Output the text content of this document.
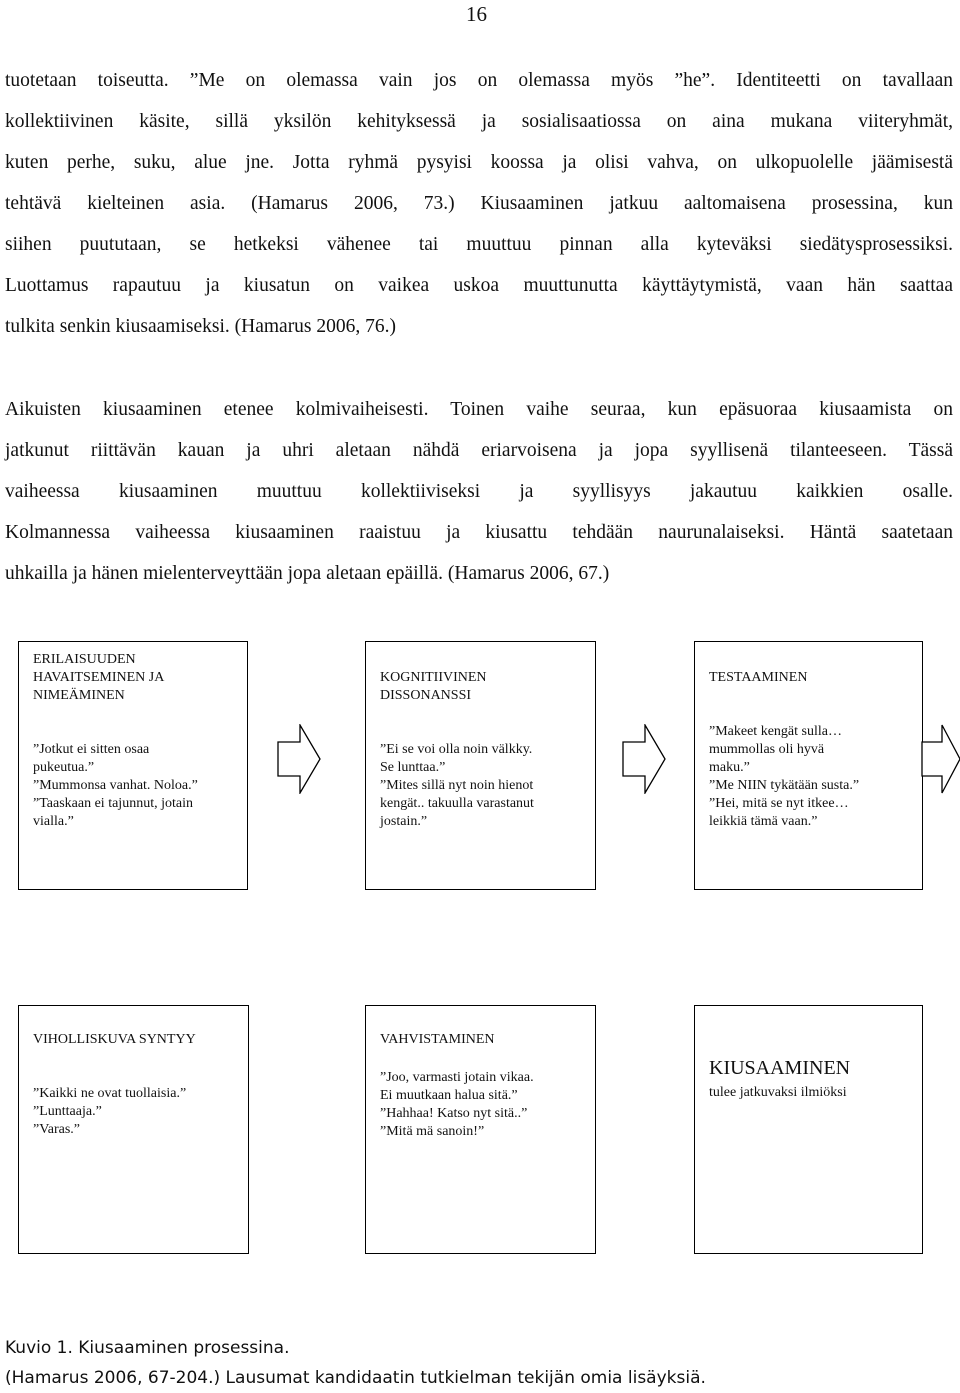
16
tuotetaan toiseutta. ”Me on olemassa vain jos on olemassa myös ”he”. Identiteetti on tavallaan
kollektiivinen käsite, sillä yksilön kehityksessä ja sosialisaatiossa on aina mukana viiteryhmät,
kuten perhe, suku, alue jne. Jotta ryhmä pysyisi koossa ja olisi vahva, on ulkopuolelle jäämisestä
tehtävä kielteinen asia. (Hamarus 2006, 73.) Kiusaaminen jatkuu aaltomaisena prosessina, kun
siihen puututaan, se hetkeksi vähenee tai muuttuu pinnan alla kyteväksi siedätysprosessiksi.
Luottamus rapautuu ja kiusatun on vaikea uskoa muuttunutta käyttäytymistä, vaan hän saattaa
tulkita senkin kiusaamiseksi. (Hamarus 2006, 76.)
Aikuisten kiusaaminen etenee kolmivaiheisesti. Toinen vaihe seuraa, kun epäsuoraa kiusaamista on
jatkunut riittävän kauan ja uhri aletaan nähdä eriarvoisena ja jopa syyllisenä tilanteeseen. Tässä
vaiheessa kiusaaminen muuttuu kollektiiviseksi ja syyllisyys jakautuu kaikkien osalle.
Kolmannessa vaiheessa kiusaaminen raaistuu ja kiusattu tehdään naurunalaiseksi. Häntä saatetaan
uhkailla ja hänen mielenterveyttään jopa aletaan epäillä. (Hamarus 2006, 67.)
ERILAISUUDEN
HAVAITSEMINEN JA
NIMEÄMINEN
”Jotkut ei sitten osaa
pukeutua.”
”Mummonsa vanhat. Noloa.”
”Taaskaan ei tajunnut, jotain
vialla.”
KOGNITIIVINEN
DISSONANSSI
”Ei se voi olla noin välkky.
Se lunttaa.”
”Mites sillä nyt noin hienot
kengät.. takuulla varastanut
jostain.”
TESTAAMINEN
”Makeet kengät sulla…
mummollas oli hyvä
maku.”
”Me NIIN tykätään susta.”
”Hei, mitä se nyt itkee…
leikkiä tämä vaan.”
VIHOLLISKUVA SYNTYY
”Kaikki ne ovat tuollaisia.”
”Lunttaaja.”
”Varas.”
VAHVISTAMINEN
”Joo, varmasti jotain vikaa.
Ei muutkaan halua sitä.”
”Hahhaa! Katso nyt sitä..”
”Mitä mä sanoin!”
KIUSAAMINEN
tulee jatkuvaksi ilmiöksi
Kuvio 1. Kiusaaminen prosessina.
(Hamarus 2006, 67-204.) Lausumat kandidaatin tutkielman tekijän omia lisäyksiä.
